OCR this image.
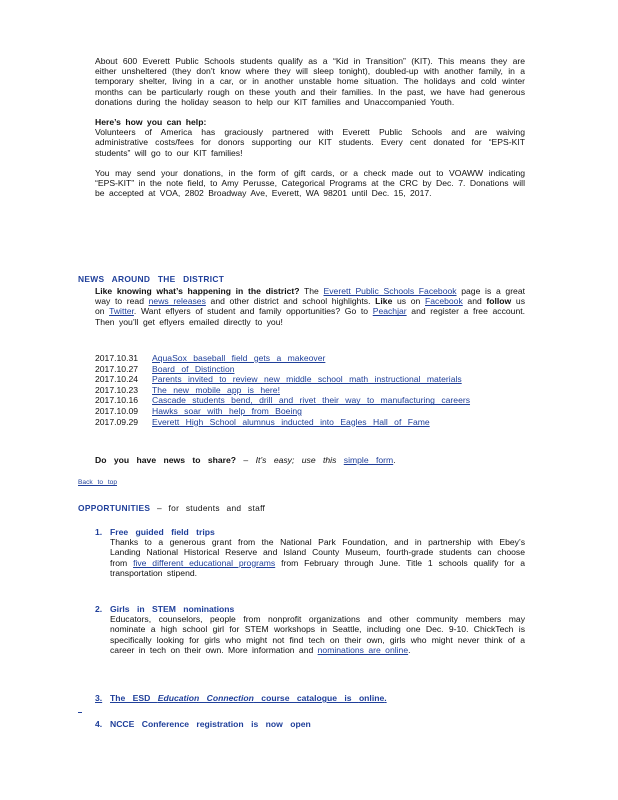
About 600 Everett Public Schools students qualify as a “Kid in Transition” (KIT). This means they are either unsheltered (they don’t know where they will sleep tonight), doubled-up with another family, in a temporary shelter, living in a car, or in another unstable home situation. The holidays and cold winter months can be particularly rough on these youth and their families. In the past, we have had generous donations during the holiday season to help our KIT families and Unaccompanied Youth.

Here’s how you can help:

Volunteers of America has graciously partnered with Everett Public Schools and are waiving administrative costs/fees for donors supporting our KIT students. Every cent donated for “EPS-KIT students” will go to our KIT families!

You may send your donations, in the form of gift cards, or a check made out to VOAWW indicating “EPS-KIT” in the note field, to Amy Perusse, Categorical Programs at the CRC by Dec. 7. Donations will be accepted at VOA, 2802 Broadway Ave, Everett, WA 98201 until Dec. 15, 2017.

NEWS AROUND THE DISTRICT

Like knowing what’s happening in the district? The Everett Public Schools Facebook page is a great way to read news releases and other district and school highlights. Like us on Facebook and follow us on Twitter. Want eflyers of student and family opportunities? Go to Peachjar and register a free account. Then you’ll get eflyers emailed directly to you!

2017.10.31	AquaSox baseball field gets a makeover
2017.10.27	Board of Distinction
2017.10.24	Parents invited to review new middle school math instructional materials
2017.10.23	The new mobile app is here!
2017.10.16	Cascade students bend, drill and rivet their way to manufacturing careers
2017.10.09	Hawks soar with help from Boeing
2017.09.29	Everett High School alumnus inducted into Eagles Hall of Fame
Do you have news to share? – It’s easy; use this simple form.
Back to top
OPPORTUNITIES – for students and staff
1. Free guided field trips
Thanks to a generous grant from the National Park Foundation, and in partnership with Ebey’s Landing National Historical Reserve and Island County Museum, fourth-grade students can choose from five different educational programs from February through June. Title 1 schools qualify for a transportation stipend.
2. Girls in STEM nominations
Educators, counselors, people from nonprofit organizations and other community members may nominate a high school girl for STEM workshops in Seattle, including one Dec. 9-10. ChickTech is specifically looking for girls who might not find tech on their own, girls who might never think of a career in tech on their own. More information and nominations are online.
3. The ESD Education Connection course catalogue is online.
4. NCCE Conference registration is now open
